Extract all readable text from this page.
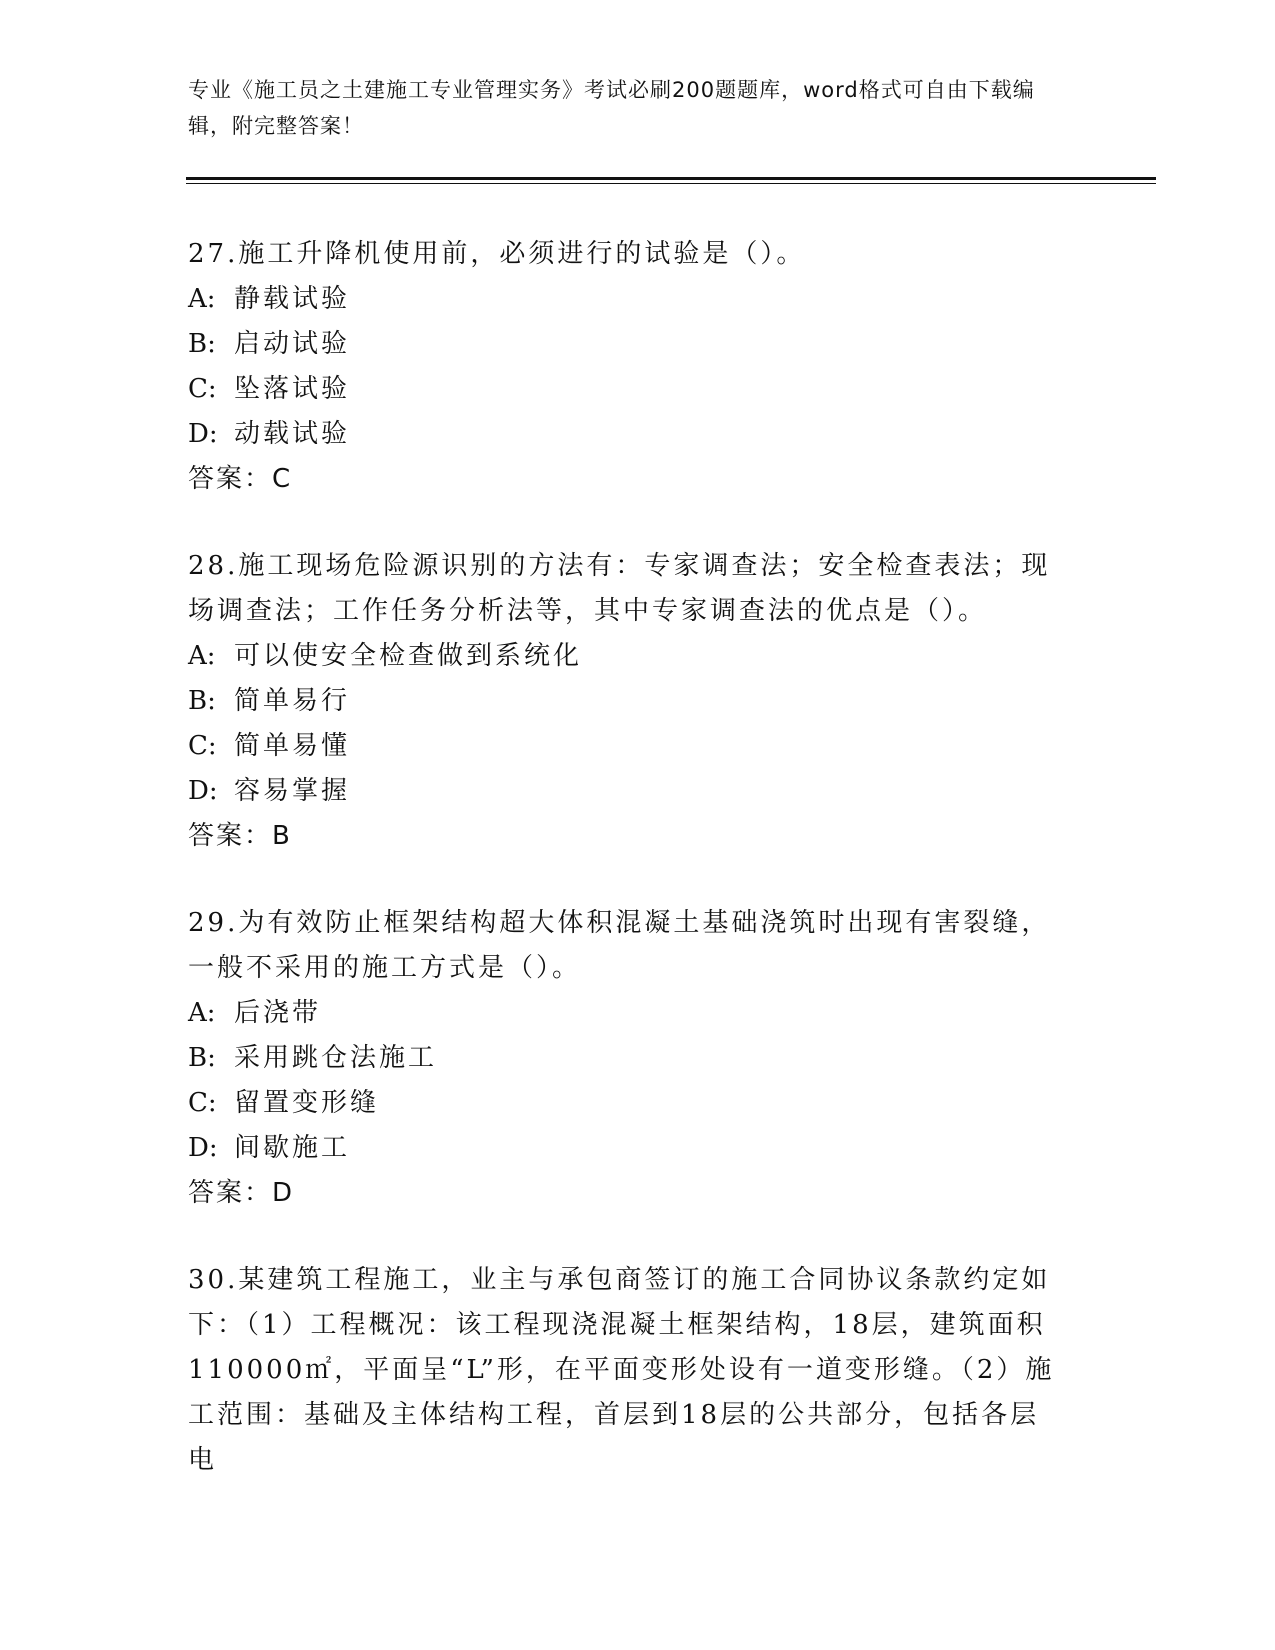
专业《施工员之土建施工专业管理实务》考试必刷200题题库，word格式可自由下载编辑，附完整答案！
27.施工升降机使用前，必须进行的试验是（）。
A: 静载试验
B: 启动试验
C: 坠落试验
D: 动载试验
答案：C
28.施工现场危险源识别的方法有：专家调查法；安全检查表法；现场调查法；工作任务分析法等，其中专家调查法的优点是（）。
A: 可以使安全检查做到系统化
B: 简单易行
C: 简单易懂
D: 容易掌握
答案：B
29.为有效防止框架结构超大体积混凝土基础浇筑时出现有害裂缝，一般不采用的施工方式是（）。
A: 后浇带
B: 采用跳仓法施工
C: 留置变形缝
D: 间歇施工
答案：D
30.某建筑工程施工，业主与承包商签订的施工合同协议条款约定如下：（1）工程概况：该工程现浇混凝土框架结构，18层，建筑面积110000㎡，平面呈“L”形，在平面变形处设有一道变形缝。（2）施工范围：基础及主体结构工程，首层到18层的公共部分，包括各层电
